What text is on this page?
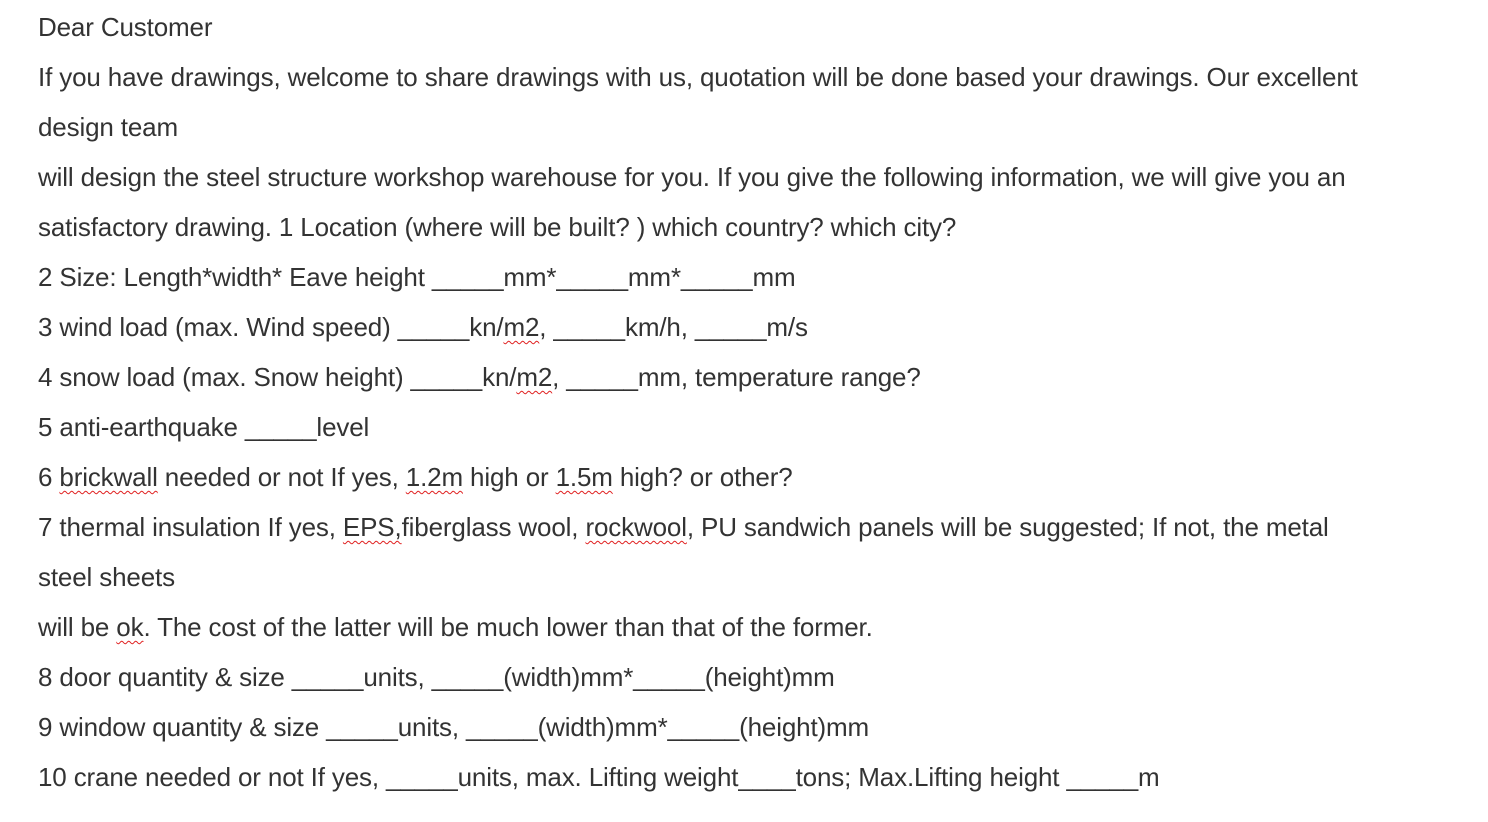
Dear Customer
If you have drawings, welcome to share drawings with us, quotation will be done based your drawings. Our excellent
design team
will design the steel structure workshop warehouse for you. If you give the following information, we will give you an
satisfactory drawing. 1 Location (where will be built? ) which country? which city?
2 Size: Length*width* Eave height _____mm*_____mm*_____mm
3 wind load (max. Wind speed) _____kn/m2, _____km/h, _____m/s
4 snow load (max. Snow height) _____kn/m2, _____mm, temperature range?
5 anti-earthquake _____level
6 brickwall needed or not If yes, 1.2m high or 1.5m high? or other?
7 thermal insulation If yes, EPS,fiberglass wool, rockwool, PU sandwich panels will be suggested; If not, the metal
steel sheets
will be ok. The cost of the latter will be much lower than that of the former.
8 door quantity & size _____units, _____(width)mm*_____(height)mm
9 window quantity & size _____units, _____(width)mm*_____(height)mm
10 crane needed or not If yes, _____units, max. Lifting weight____tons; Max.Lifting height _____m
